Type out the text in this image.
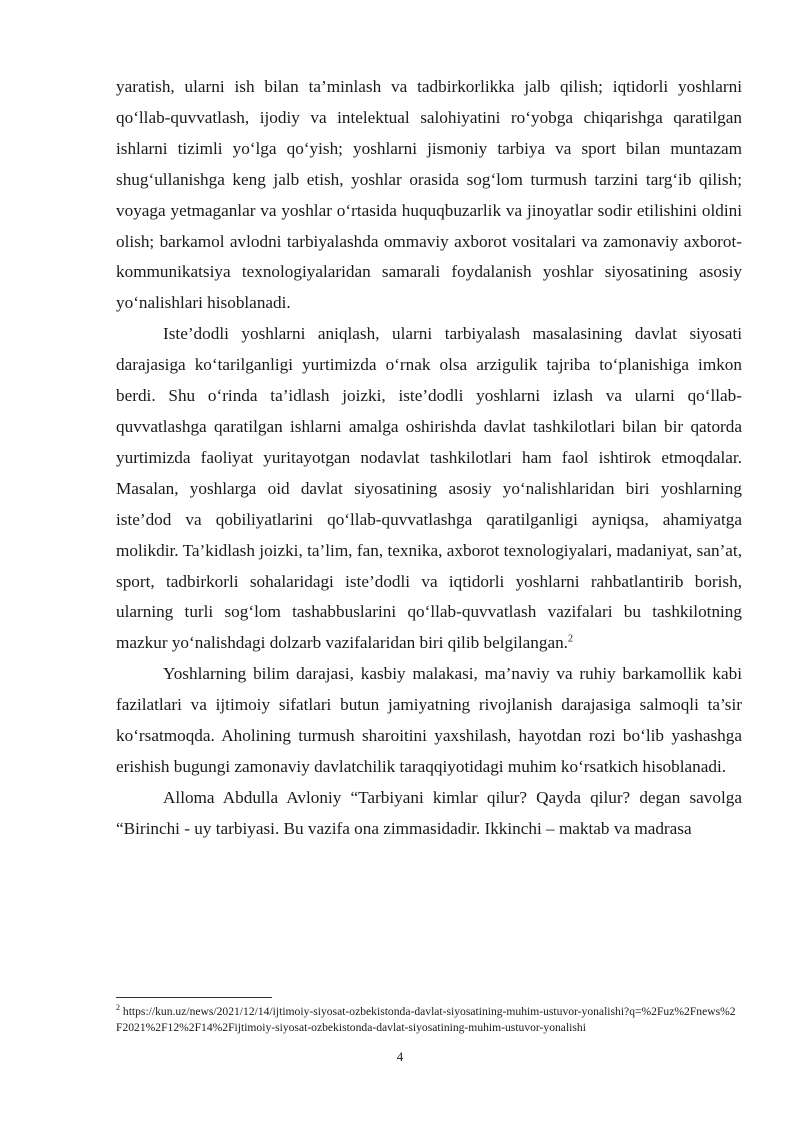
yaratish, ularni ish bilan ta’minlash va tadbirkorlikka jalb qilish; iqtidorli yoshlarni qo‘llab-quvvatlash, ijodiy va intelektual salohiyatini ro‘yobga chiqarishga qaratilgan ishlarni tizimli yo‘lga qo‘yish; yoshlarni jismoniy tarbiya va sport bilan muntazam shug‘ullanishga keng jalb etish, yoshlar orasida sog‘lom turmush tarzini targ‘ib qilish; voyaga yetmaganlar va yoshlar o‘rtasida huquqbuzarlik va jinoyatlar sodir etilishini oldini olish; barkamol avlodni tarbiyalashda ommaviy axborot vositalari va zamonaviy axborot-kommunikatsiya texnologiyalaridan samarali foydalanish yoshlar siyosatining asosiy yo‘nalishlari hisoblanadi.

Iste’dodli yoshlarni aniqlash, ularni tarbiyalash masalasining davlat siyosati darajasiga ko‘tarilganligi yurtimizda o‘rnak olsa arzigulik tajriba to‘planishiga imkon berdi. Shu o‘rinda ta’idlash joizki, iste’dodli yoshlarni izlash va ularni qo‘llab- quvvatlashga qaratilgan ishlarni amalga oshirishda davlat tashkilotlari bilan bir qatorda yurtimizda faoliyat yuritayotgan nodavlat tashkilotlari ham faol ishtirok etmoqdalar. Masalan, yoshlarga oid davlat siyosatining asosiy yo‘nalishlaridan biri yoshlarning iste’dod va qobiliyatlarini qo‘llab-quvvatlashga qaratilganligi ayniqsa, ahamiyatga molikdir. Ta’kidlash joizki, ta’lim, fan, texnika, axborot texnologiyalari, madaniyat, san’at, sport, tadbirkorli sohalaridagi iste’dodli va iqtidorli yoshlarni rahbatlantirib borish, ularning turli sog‘lom tashabbuslarini qo‘llab-quvvatlash vazifalari bu tashkilotning mazkur yo‘nalishdagi dolzarb vazifalaridan biri qilib belgilangan.$^2$

Yoshlarning bilim darajasi, kasbiy malakasi, ma’naviy va ruhiy barkamollik kabi fazilatlari va ijtimoiy sifatlari butun jamiyatning rivojlanish darajasiga salmoqli ta’sir ko‘rsatmoqda. Aholining turmush sharoitini yaxshilash, hayotdan rozi bo‘lib yashashga erishish bugungi zamonaviy davlatchilik taraqqiyotidagi muhim ko‘rsatkich hisoblanadi.

Alloma Abdulla Avloniy “Tarbiyani kimlar qilur? Qayda qilur? degan savolga “Birinchi - uy tarbiyasi. Bu vazifa ona zimmasidadir. Ikkinchi – maktab va madrasa

$^2$ https://kun.uz/news/2021/12/14/ijtimoiy-siyosat-ozbekistonda-davlat-siyosatining-muhim-ustuvor-yonalishi?q=%2Fuz%2Fnews%2F2021%2F12%2F14%2Fijtimoiy-siyosat-ozbekistonda-davlat-siyosatining-muhim-ustuvor-yonalishi

4
